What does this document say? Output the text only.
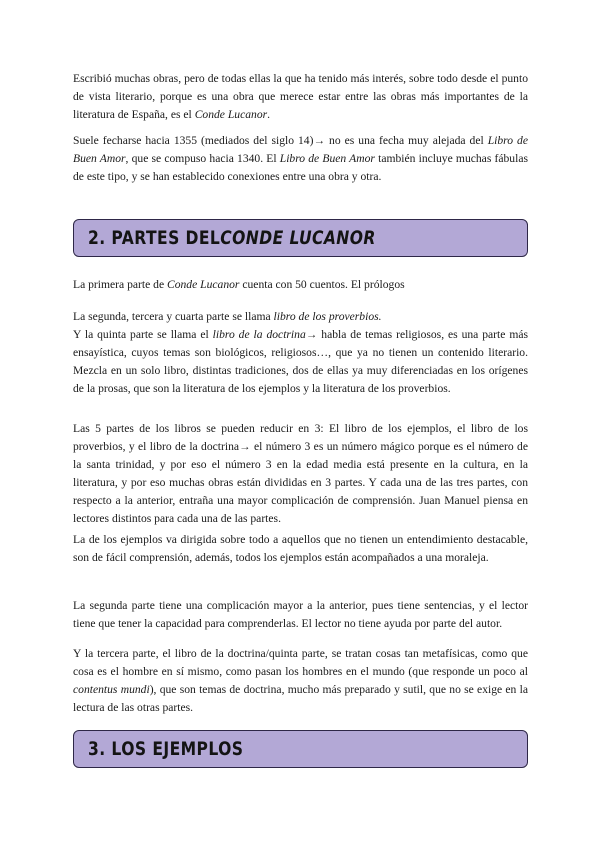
Escribió muchas obras, pero de todas ellas la que ha tenido más interés, sobre todo desde el punto de vista literario, porque es una obra que merece estar entre las obras más importantes de la literatura de España, es el Conde Lucanor.

Suele fecharse hacia 1355 (mediados del siglo 14)→ no es una fecha muy alejada del Libro de Buen Amor, que se compuso hacia 1340. El Libro de Buen Amor también incluye muchas fábulas de este tipo, y se han establecido conexiones entre una obra y otra.

2. PARTES DELCONDE LUCANOR

La primera parte de Conde Lucanor cuenta con 50 cuentos. El prólogos

La segunda, tercera y cuarta parte se llama libro de los proverbios.
Y la quinta parte se llama el libro de la doctrina→ habla de temas religiosos, es una parte más ensayística, cuyos temas son biológicos, religiosos…, que ya no tienen un contenido literario. Mezcla en un solo libro, distintas tradiciones, dos de ellas ya muy diferenciadas en los orígenes de la prosas, que son la literatura de los ejemplos y la literatura de los proverbios.

Las 5 partes de los libros se pueden reducir en 3: El libro de los ejemplos, el libro de los proverbios, y el libro de la doctrina→ el número 3 es un número mágico porque es el número de la santa trinidad, y por eso el número 3 en la edad media está presente en la cultura, en la literatura, y por eso muchas obras están divididas en 3 partes. Y cada una de las tres partes, con respecto a la anterior, entraña una mayor complicación de comprensión. Juan Manuel piensa en lectores distintos para cada una de las partes.

La de los ejemplos va dirigida sobre todo a aquellos que no tienen un entendimiento destacable, son de fácil comprensión, además, todos los ejemplos están acompañados a una moraleja.

La segunda parte tiene una complicación mayor a la anterior, pues tiene sentencias, y el lector tiene que tener la capacidad para comprenderlas. El lector no tiene ayuda por parte del autor.

Y la tercera parte, el libro de la doctrina/quinta parte, se tratan cosas tan metafísicas, como que cosa es el hombre en sí mismo, como pasan los hombres en el mundo (que responde un poco al contentus mundi), que son temas de doctrina, mucho más preparado y sutil, que no se exige en la lectura de las otras partes.

3. LOS EJEMPLOS
